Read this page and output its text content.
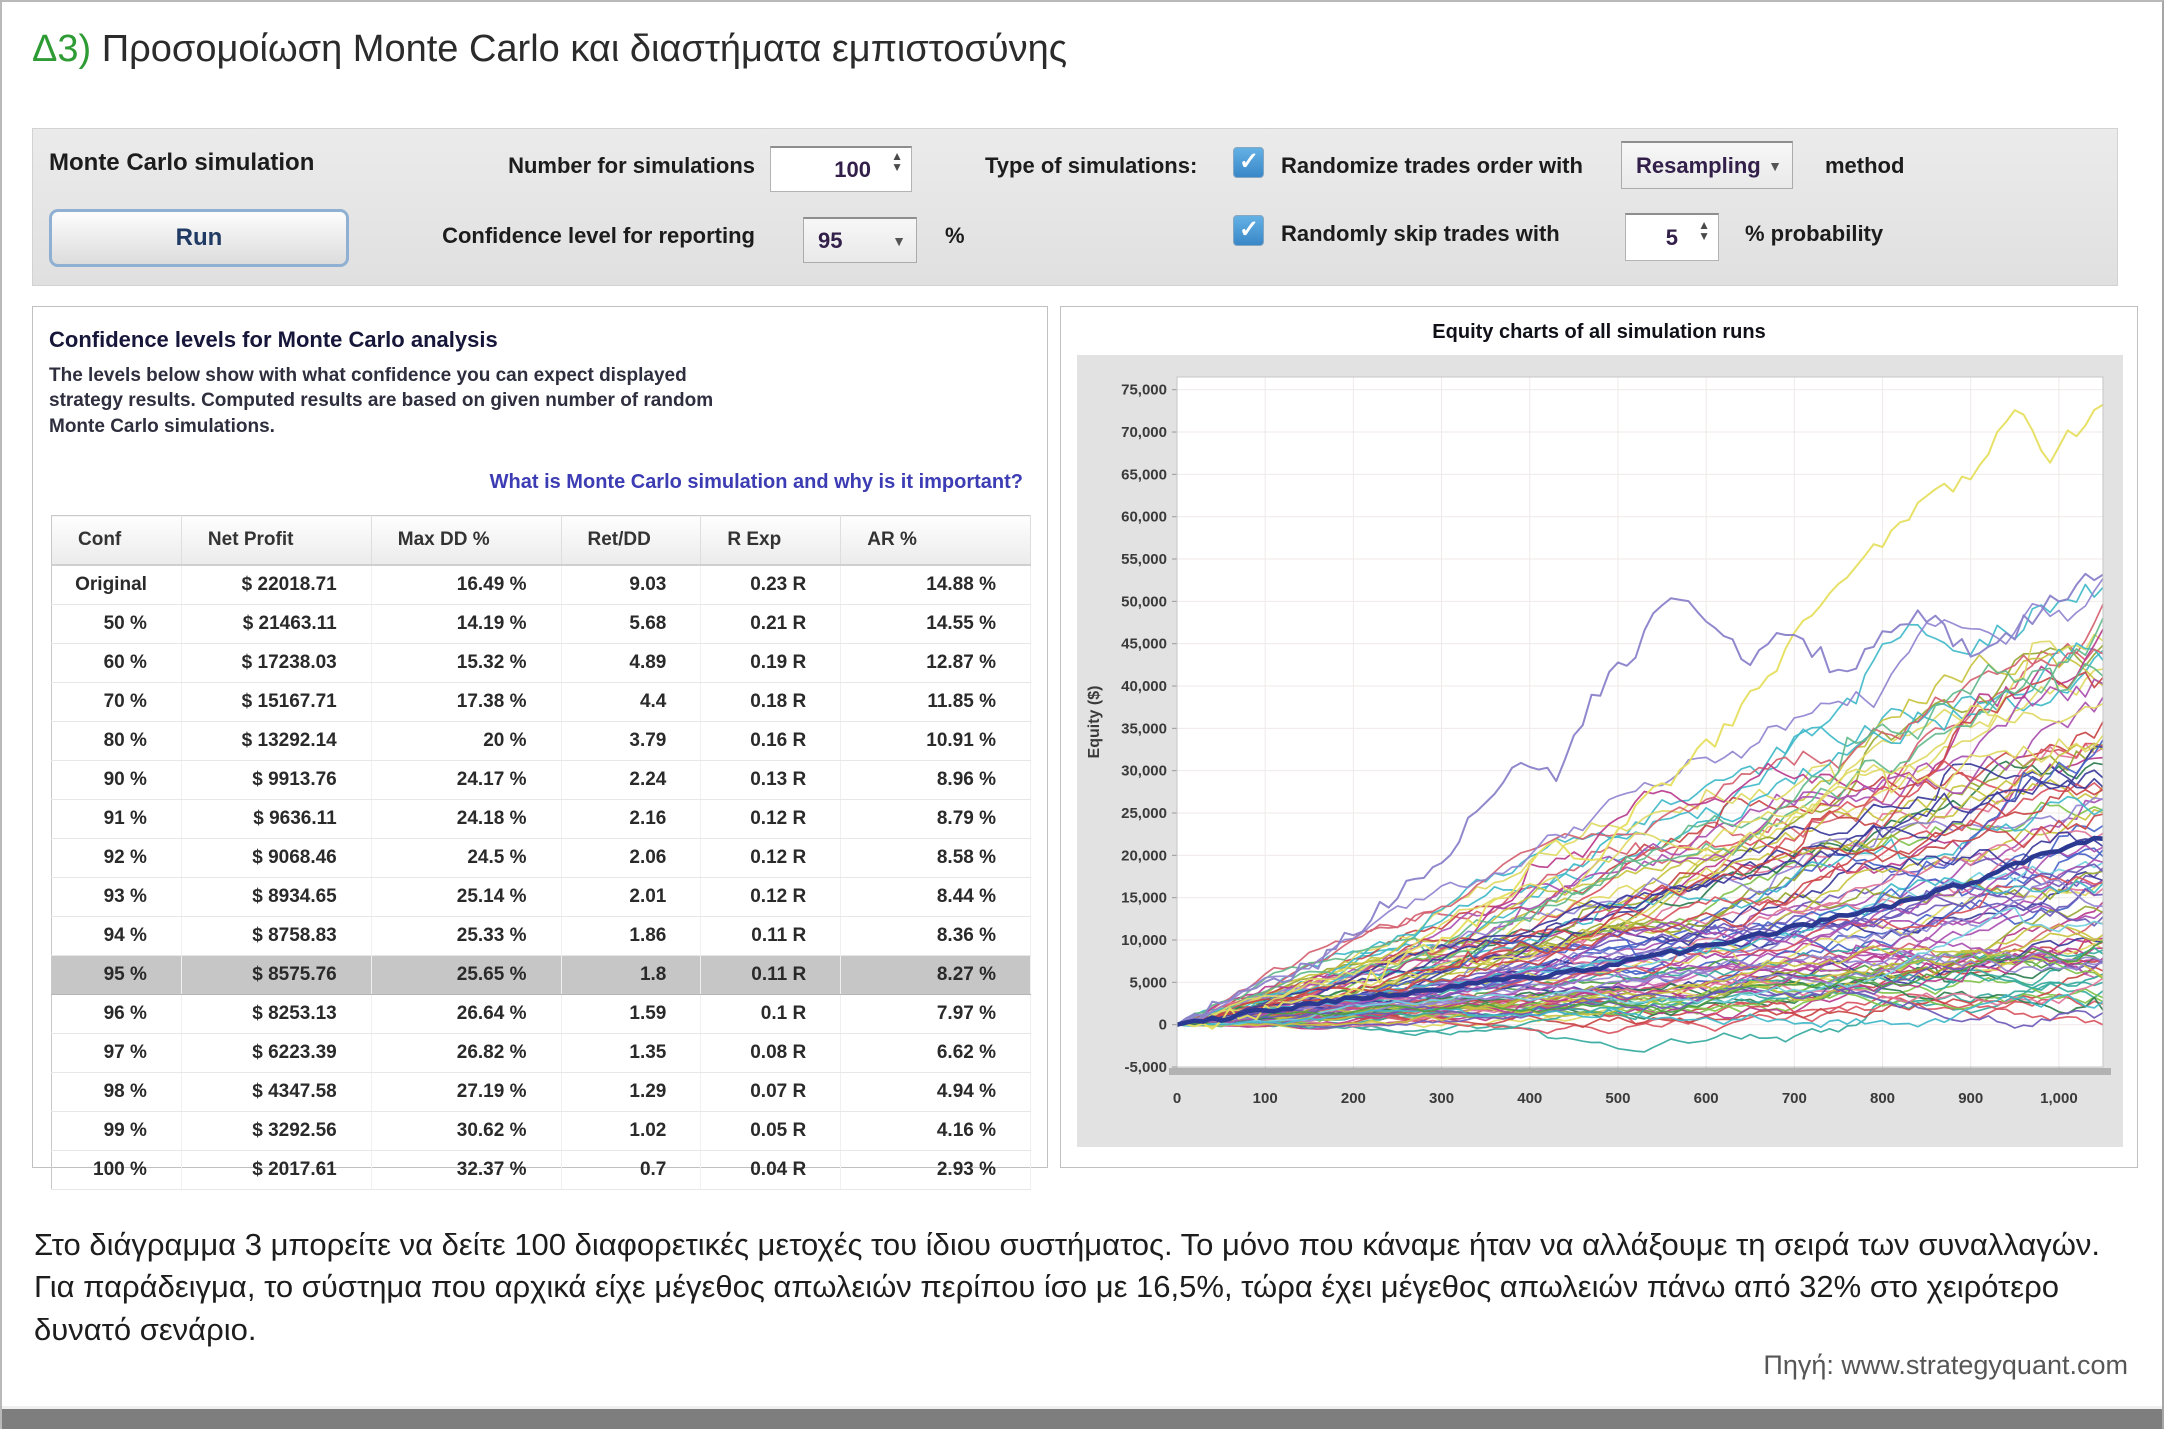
Δ3) Προσομοίωση Monte Carlo και διαστήματα εμπιστοσύνης
Monte Carlo simulation
Run
Number for simulations	100
▲
▼
Confidence level for reporting	95	▼ %
Type of simulations: ✓	Randomize trades order with Resampling ▼ method
✓
Randomly skip trades with	5 ▲
▼ % probability
Confidence levels for Monte Carlo analysis
The levels below show with what confidence you can expect displayed strategy results. Computed results are based on given number of random Monte Carlo simulations.
What is Monte Carlo simulation and why is it important?
Conf	Net Profit	Max DD %	Ret/DD	R Exp	AR %
Original	$ 22018.71	16.49 %	9.03	0.23 R	14.88 %
50 %	$ 21463.11	14.19 %	5.68	0.21 R	14.55 %
60 %	$ 17238.03	15.32 %	4.89	0.19 R	12.87 %
70 %	$ 15167.71	17.38 %	4.4	0.18 R	11.85 %
80 %	$ 13292.14	20 %	3.79	0.16 R	10.91 %
90 %	$ 9913.76	24.17 %	2.24	0.13 R	8.96 %
91 %	$ 9636.11	24.18 %	2.16	0.12 R	8.79 %
92 %	$ 9068.46	24.5 %	2.06	0.12 R	8.58 %
93 %	$ 8934.65	25.14 %	2.01	0.12 R	8.44 %
94 %	$ 8758.83	25.33 %	1.86	0.11 R	8.36 %
95 %	$ 8575.76	25.65 %	1.8	0.11 R	8.27 %
96 %	$ 8253.13	26.64 %	1.59	0.1 R	7.97 %
97 %	$ 6223.39	26.82 %	1.35	0.08 R	6.62 %
98 %	$ 4347.58	27.19 %	1.29	0.07 R	4.94 %
99 %	$ 3292.56	30.62 %	1.02	0.05 R	4.16 %
100 %	$ 2017.61	32.37 %	0.7	0.04 R	2.93 %
Equity charts of all simulation runs
75,000
70,000
65,000
60,000
55,000
50,000
45,000
40,000
35,000
30,000
25,000
20,000
15,000
10,000
5,000
0
-5,000
0	100	200	300	400	500	600	700	800	900	1,000
Equity ($)
Στο διάγραμμα 3 μπορείτε να δείτε 100 διαφορετικές μετοχές του ίδιου συστήματος. Το μόνο που κάναμε ήταν να αλλάξουμε τη σειρά των συναλλαγών. Για παράδειγμα, το σύστημα που αρχικά είχε μέγεθος απωλειών περίπου ίσο με 16,5%, τώρα έχει μέγεθος απωλειών πάνω από 32% στο χειρότερο δυνατό σενάριο.
Πηγή: www.strategyquant.com
